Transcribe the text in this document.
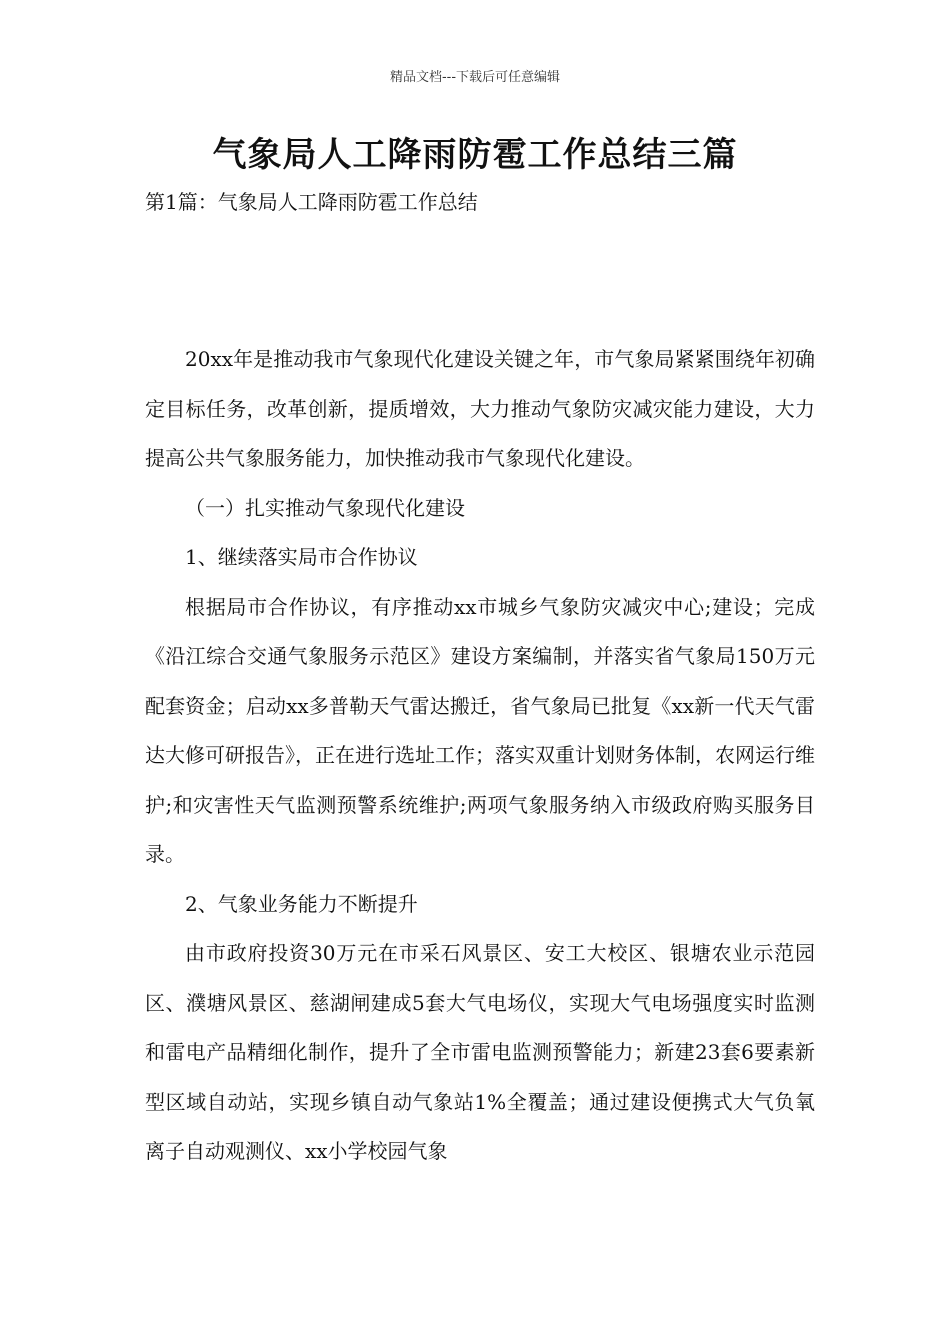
精品文档---下载后可任意编辑
气象局人工降雨防雹工作总结三篇

第1篇：气象局人工降雨防雹工作总结

20xx年是推动我市气象现代化建设关键之年，市气象局紧紧围绕年初确定目标任务，改革创新，提质增效，大力推动气象防灾减灾能力建设，大力提高公共气象服务能力，加快推动我市气象现代化建设。

（一）扎实推动气象现代化建设

1、继续落实局市合作协议

根据局市合作协议，有序推动xx市城乡气象防灾减灾中心;建设；完成《沿江综合交通气象服务示范区》建设方案编制，并落实省气象局150万元配套资金；启动xx多普勒天气雷达搬迁，省气象局已批复《xx新一代天气雷达大修可研报告》，正在进行选址工作；落实双重计划财务体制，农网运行维护;和灾害性天气监测预警系统维护;两项气象服务纳入市级政府购买服务目录。

2、气象业务能力不断提升

由市政府投资30万元在市采石风景区、安工大校区、银塘农业示范园区、濮塘风景区、慈湖闸建成5套大气电场仪，实现大气电场强度实时监测和雷电产品精细化制作，提升了全市雷电监测预警能力；新建23套6要素新型区域自动站，实现乡镇自动气象站1%全覆盖；通过建设便携式大气负氧离子自动观测仪、xx小学校园气象
